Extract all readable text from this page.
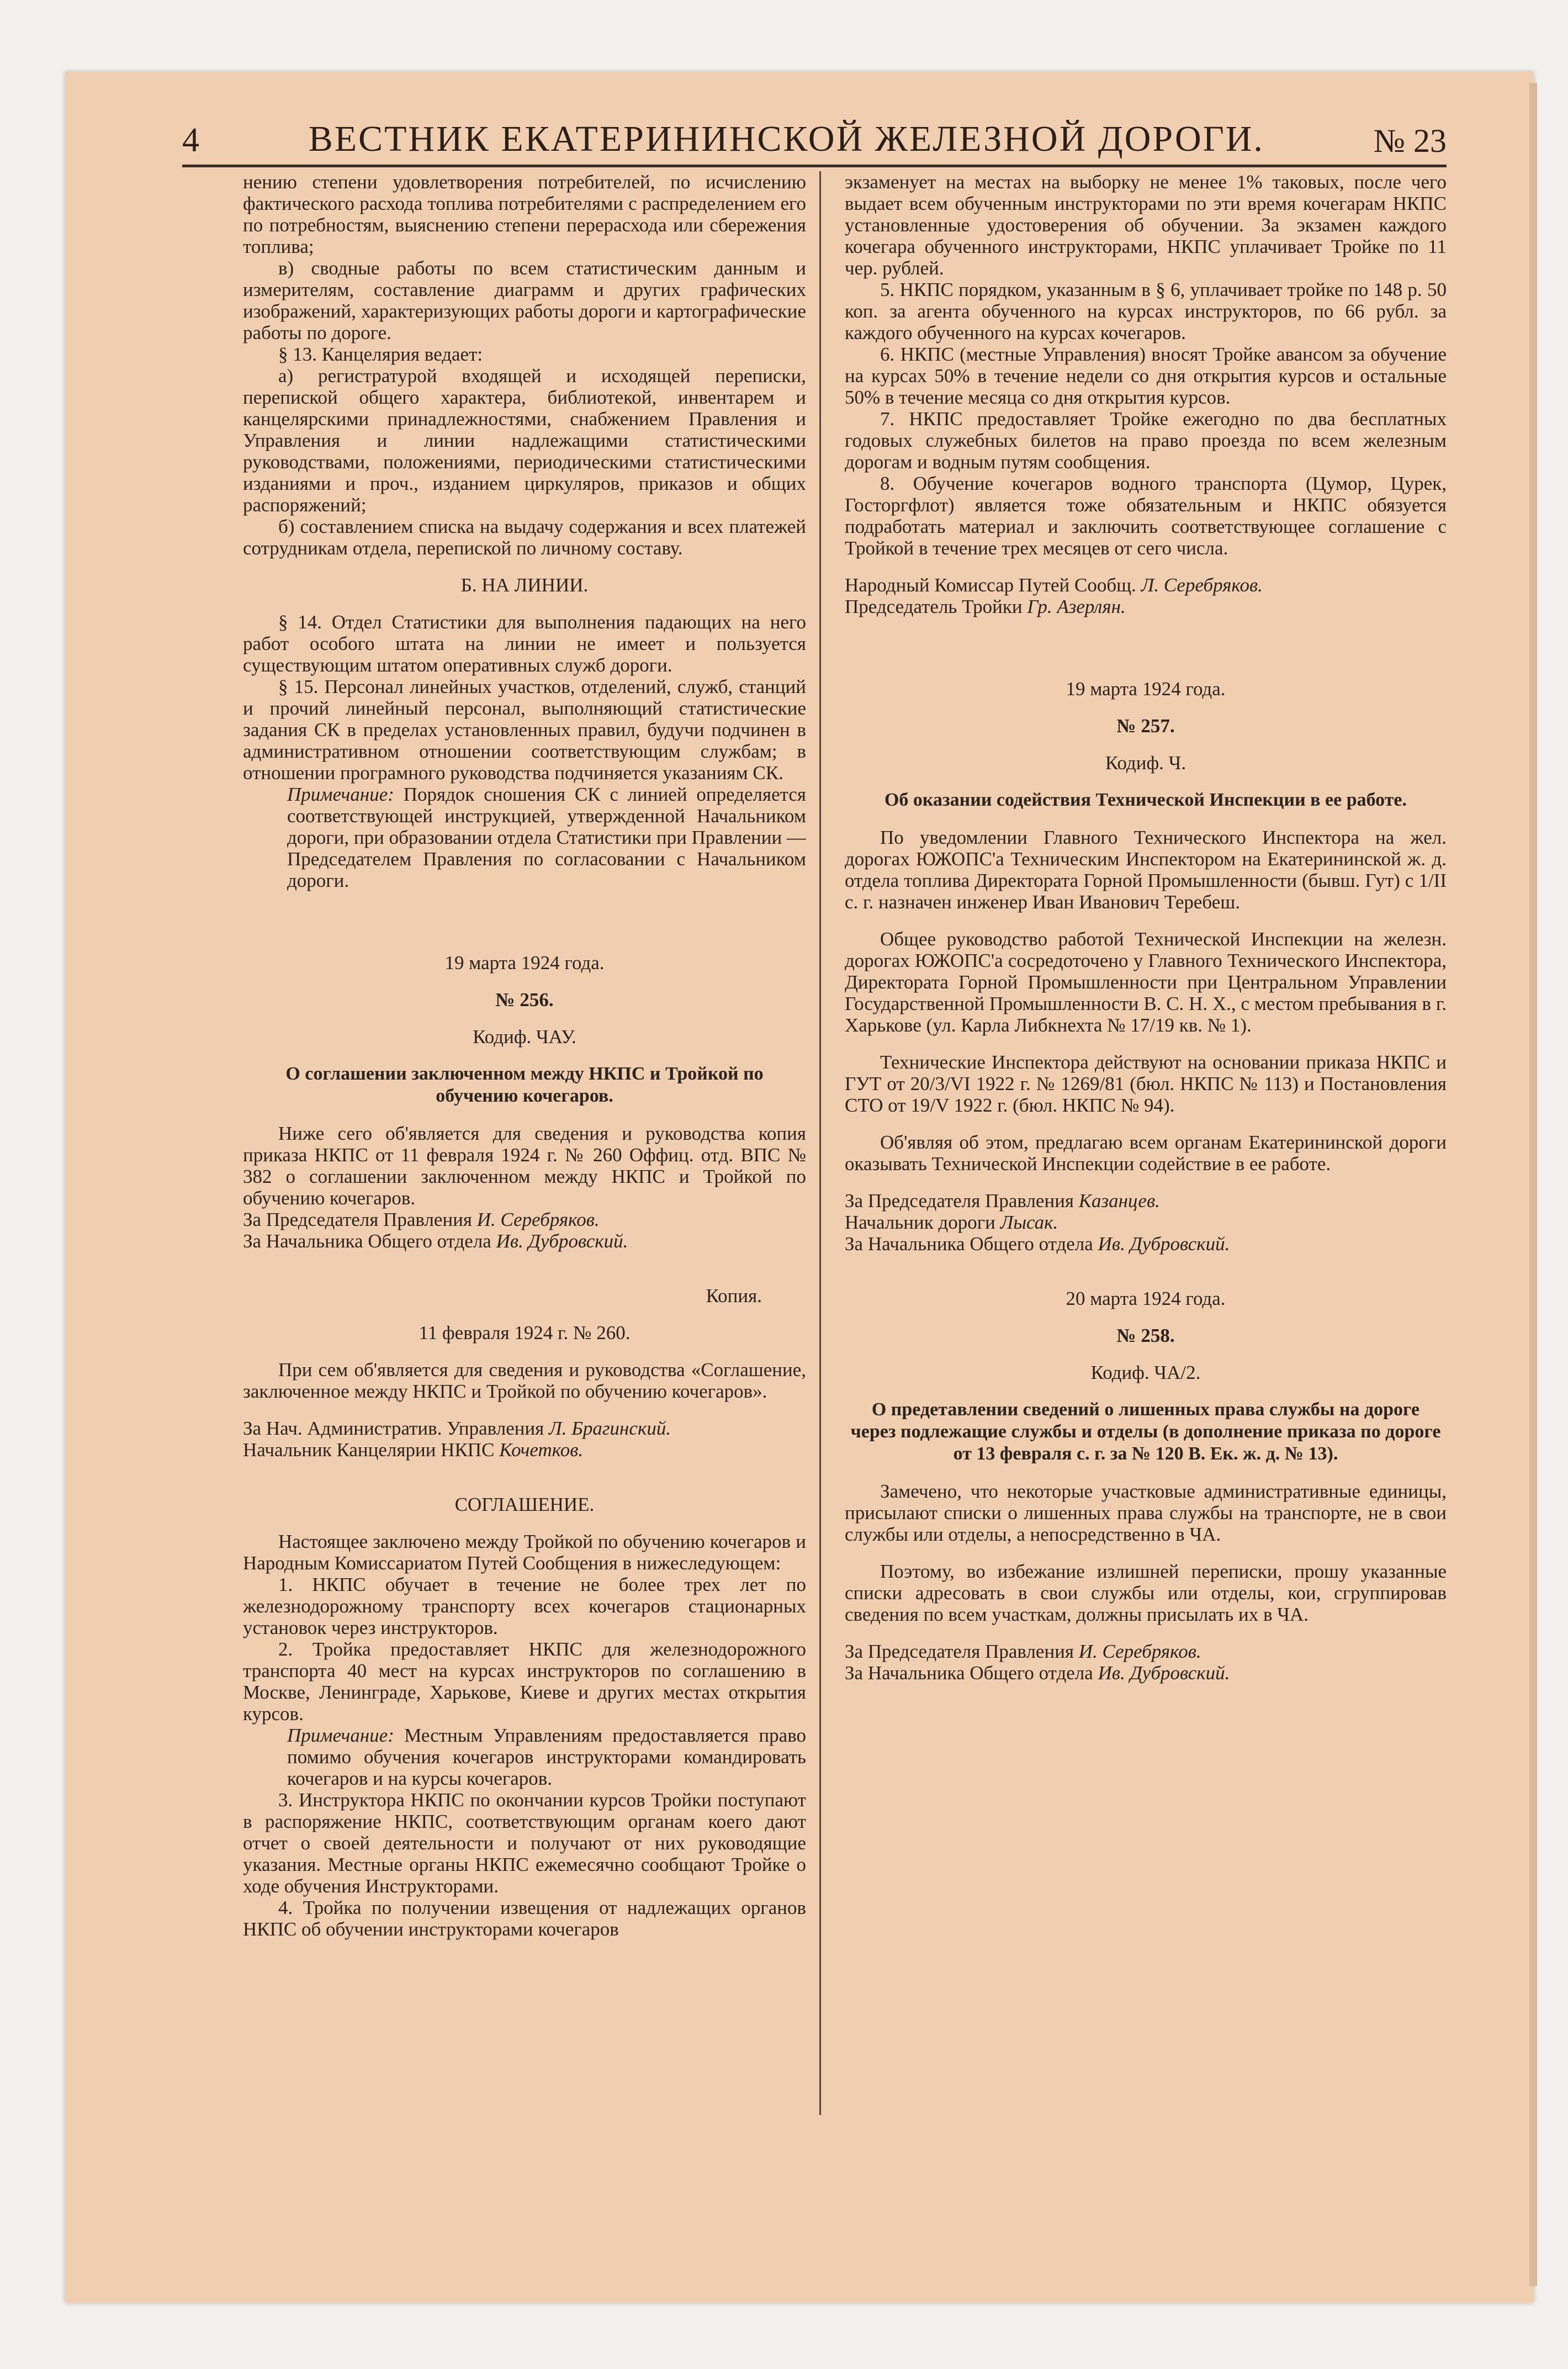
4	ВЕСТНИК ЕКАТЕРИНИНСКОЙ ЖЕЛЕЗНОЙ ДОРОГИ.	№ 23

нению степени удовлетворения потребителей, по исчислению фактического расхода топлива потребителями с распределением его по потребностям, выяснению степени перерасхода или сбережения топлива;

в) сводные работы по всем статистическим данным и измерителям, составление диаграмм и других графических изображений, характеризующих работы дороги и картографические работы по дороге.

§ 13. Канцелярия ведает:

а) регистратурой входящей и исходящей переписки, перепиской общего характера, библиотекой, инвентарем и канцелярскими принадлежностями, снабжением Правления и Управления и линии надлежащими статистическими руководствами, положениями, периодическими статистическими изданиями и проч., изданием циркуляров, приказов и общих распоряжений;

б) составлением списка на выдачу содержания и всех платежей сотрудникам отдела, перепиской по личному составу.

Б. НА ЛИНИИ.

§ 14. Отдел Статистики для выполнения падающих на него работ особого штата на линии не имеет и пользуется существующим штатом оперативных служб дороги.

§ 15. Персонал линейных участков, отделений, служб, станций и прочий линейный персонал, выполняющий статистические задания СК в пределах установленных правил, будучи подчинен в административном отношении соответствующим службам; в отношении програмного руководства подчиняется указаниям СК.

Примечание: Порядок сношения СК с линией определяется соответствующей инструкцией, утвержденной Начальником дороги, при образовании отдела Статистики при Правлении — Председателем Правления по согласовании с Начальником дороги.

19 марта 1924 года.

№ 256.

Кодиф. ЧАУ.

О соглашении заключенном между НКПС и Тройкой по обучению кочегаров.

Ниже сего об'является для сведения и руководства копия приказа НКПС от 11 февраля 1924 г. № 260 Оффиц. отд. ВПС № 382 о соглашении заключенном между НКПС и Тройкой по обучению кочегаров.

За Председателя Правления И. Серебряков.

За Начальника Общего отдела Ив. Дубровский.

Копия.

11 февраля 1924 г. № 260.

При сем об'является для сведения и руководства «Соглашение, заключенное между НКПС и Тройкой по обучению кочегаров».

За Нач. Административ. Управления Л. Брагинский.

Начальник Канцелярии НКПС Кочетков.

СОГЛАШЕНИЕ.

Настоящее заключено между Тройкой по обучению кочегаров и Народным Комиссариатом Путей Сообщения в нижеследующем:

1. НКПС обучает в течение не более трех лет по железнодорожному транспорту всех кочегаров стационарных установок через инструкторов.

2. Тройка предоставляет НКПС для железнодорожного транспорта 40 мест на курсах инструкторов по соглашению в Москве, Ленинграде, Харькове, Киеве и других местах открытия курсов.

Примечание: Местным Управлениям предоставляется право помимо обучения кочегаров инструкторами командировать кочегаров и на курсы кочегаров.

3. Инструктора НКПС по окончании курсов Тройки поступают в распоряжение НКПС, соответствующим органам коего дают отчет о своей деятельности и получают от них руководящие указания. Местные органы НКПС ежемесячно сообщают Тройке о ходе обучения Инструкторами.

4. Тройка по получении извещения от надлежащих органов НКПС об обучении инструкторами кочегаров

экзаменует на местах на выборку не менее 1% таковых, после чего выдает всем обученным инструкторами по эти время кочегарам НКПС установленные удостоверения об обучении. За экзамен каждого кочегара обученного инструкторами, НКПС уплачивает Тройке по 11 чер. рублей.

5. НКПС порядком, указанным в § 6, уплачивает тройке по 148 р. 50 коп. за агента обученного на курсах инструкторов, по 66 рубл. за каждого обученного на курсах кочегаров.

6. НКПС (местные Управления) вносят Тройке авансом за обучение на курсах 50% в течение недели со дня открытия курсов и остальные 50% в течение месяца со дня открытия курсов.

7. НКПС предоставляет Тройке ежегодно по два бесплатных годовых служебных билетов на право проезда по всем железным дорогам и водным путям сообщения.

8. Обучение кочегаров водного транспорта (Цумор, Цурек, Госторгфлот) является тоже обязательным и НКПС обязуется подработать материал и заключить соответствующее соглашение с Тройкой в течение трех месяцев от сего числа.

Народный Комиссар Путей Сообщ. Л. Серебряков.

Председатель Тройки Гр. Азерлян.

19 марта 1924 года.

№ 257.

Кодиф. Ч.

Об оказании содействия Технической Инспекции в ее работе.

По уведомлении Главного Технического Инспектора на жел. дорогах ЮЖОПС'а Техническим Инспектором на Екатерининской ж. д. отдела топлива Директората Горной Промышленности (бывш. Гут) с 1/II с. г. назначен инженер Иван Иванович Теребеш.

Общее руководство работой Технической Инспекции на железн. дорогах ЮЖОПС'а сосредоточено у Главного Технического Инспектора, Директората Горной Промышленности при Центральном Управлении Государственной Промышленности В. С. Н. Х., с местом пребывания в г. Харькове (ул. Карла Либкнехта № 17/19 кв. № 1).

Технические Инспектора действуют на основании приказа НКПС и ГУТ от 20/3/VI 1922 г. № 1269/81 (бюл. НКПС № 113) и Постановления СТО от 19/V 1922 г. (бюл. НКПС № 94).

Об'являя об этом, предлагаю всем органам Екатерининской дороги оказывать Технической Инспекции содействие в ее работе.

За Председателя Правления Казанцев.

Начальник дороги Лысак.

За Начальника Общего отдела Ив. Дубровский.

20 марта 1924 года.

№ 258.

Кодиф. ЧА/2.

О предетавлении сведений о лишенных права службы на дороге через подлежащие службы и отделы (в дополнение приказа по дороге от 13 февраля с. г. за № 120 В. Ек. ж. д. № 13).

Замечено, что некоторые участковые административные единицы, присылают списки о лишенных права службы на транспорте, не в свои службы или отделы, а непосредственно в ЧА.

Поэтому, во избежание излишней переписки, прошу указанные списки адресовать в свои службы или отделы, кои, сгруппировав сведения по всем участкам, должны присылать их в ЧА.

За Председателя Правления И. Серебряков.

За Начальника Общего отдела Ив. Дубровский.
